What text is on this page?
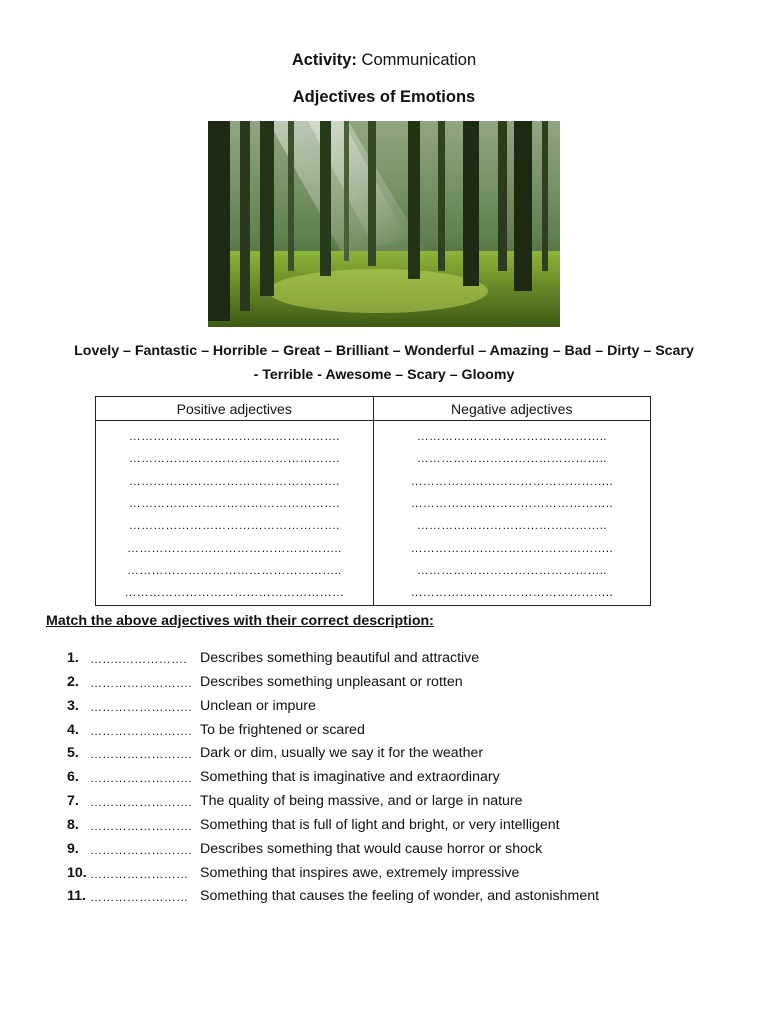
Activity: Communication
Adjectives of Emotions
Lovely – Fantastic – Horrible – Great – Brilliant – Wonderful – Amazing – Bad – Dirty – Scary
- Terrible - Awesome – Scary – Gloomy
Positive adjectives	Negative adjectives
…………………………………………….	………………………………………..
…………………………………………….	………………………………………..
…………………………………………….	…………………………………………..
…………………………………………….	…………………………………………..
…………………………………………….	………………………………………..
……………………………………………..	…………………………………………..
……………………………………………..	………………………………………..
………………………………………………	…………………………………………..
Match the above adjectives with their correct description:
1. ……..……………. Describes something beautiful and attractive
2. ……………………. Describes something unpleasant or rotten
3. ……………………. Unclean or impure
4. ……………………. To be frightened or scared
5. ……………………. Dark or dim, usually we say it for the weather
6. ……………………. Something that is imaginative and extraordinary
7. ……………………. The quality of being massive, and or large in nature
8. ……………………. Something that is full of light and bright, or very intelligent
9. ……………………. Describes something that would cause horror or shock
10. …………………… Something that inspires awe, extremely impressive
11. …………………… Something that causes the feeling of wonder, and astonishment
